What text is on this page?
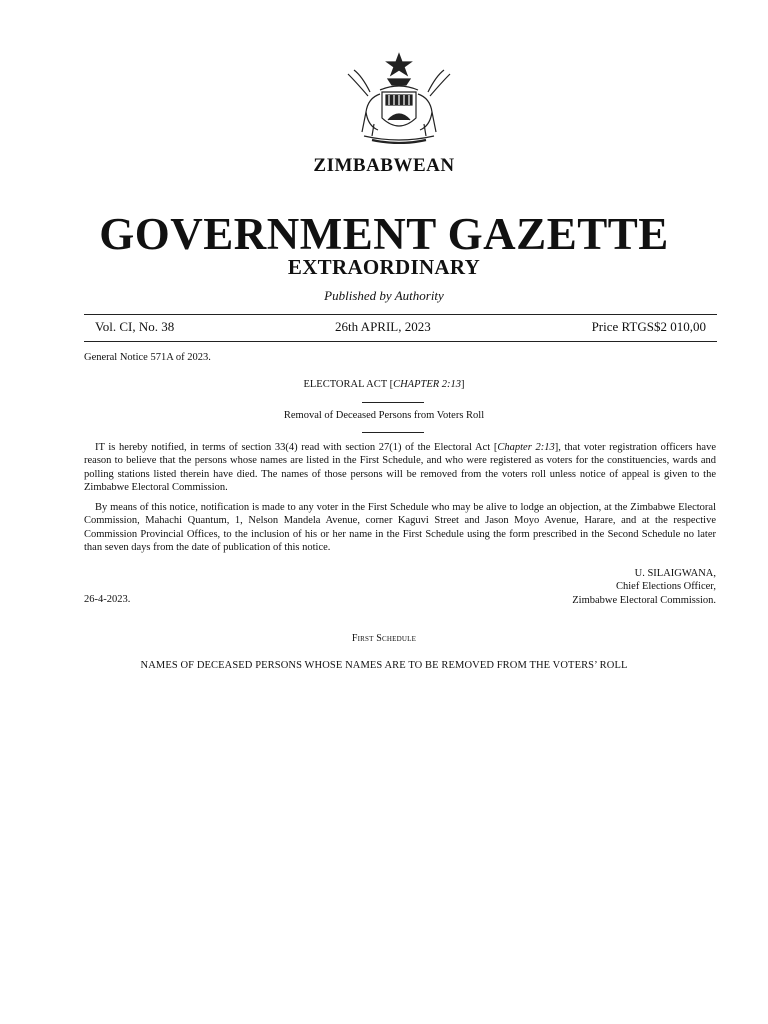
ZIMBABWEAN
GOVERNMENT GAZETTE
EXTRAORDINARY
Published by Authority
Vol. CI, No. 38	26th APRIL, 2023	Price RTGS$2 010,00
General Notice 571A of 2023.
ELECTORAL ACT [CHAPTER 2:13]
Removal of Deceased Persons from Voters Roll

IT is hereby notified, in terms of section 33(4) read with section 27(1) of the Electoral Act [Chapter 2:13], that voter registration officers have reason to believe that the persons whose names are listed in the First Schedule, and who were registered as voters for the constituencies, wards and polling stations listed therein have died. The names of those persons will be removed from the voters roll unless notice of appeal is given to the Zimbabwe Electoral Commission.

By means of this notice, notification is made to any voter in the First Schedule who may be alive to lodge an objection, at the Zimbabwe Electoral Commission, Mahachi Quantum, 1, Nelson Mandela Avenue, corner Kaguvi Street and Jason Moyo Avenue, Harare, and at the respective Commission Provincial Offices, to the inclusion of his or her name in the First Schedule using the form prescribed in the Second Schedule no later than seven days from the date of publication of this notice.

U. SILAIGWANA,
Chief Elections Officer,
Zimbabwe Electoral Commission.
26-4-2023.
First Schedule
NAMES OF DECEASED PERSONS WHOSE NAMES ARE TO BE REMOVED FROM THE VOTERS’ ROLL
